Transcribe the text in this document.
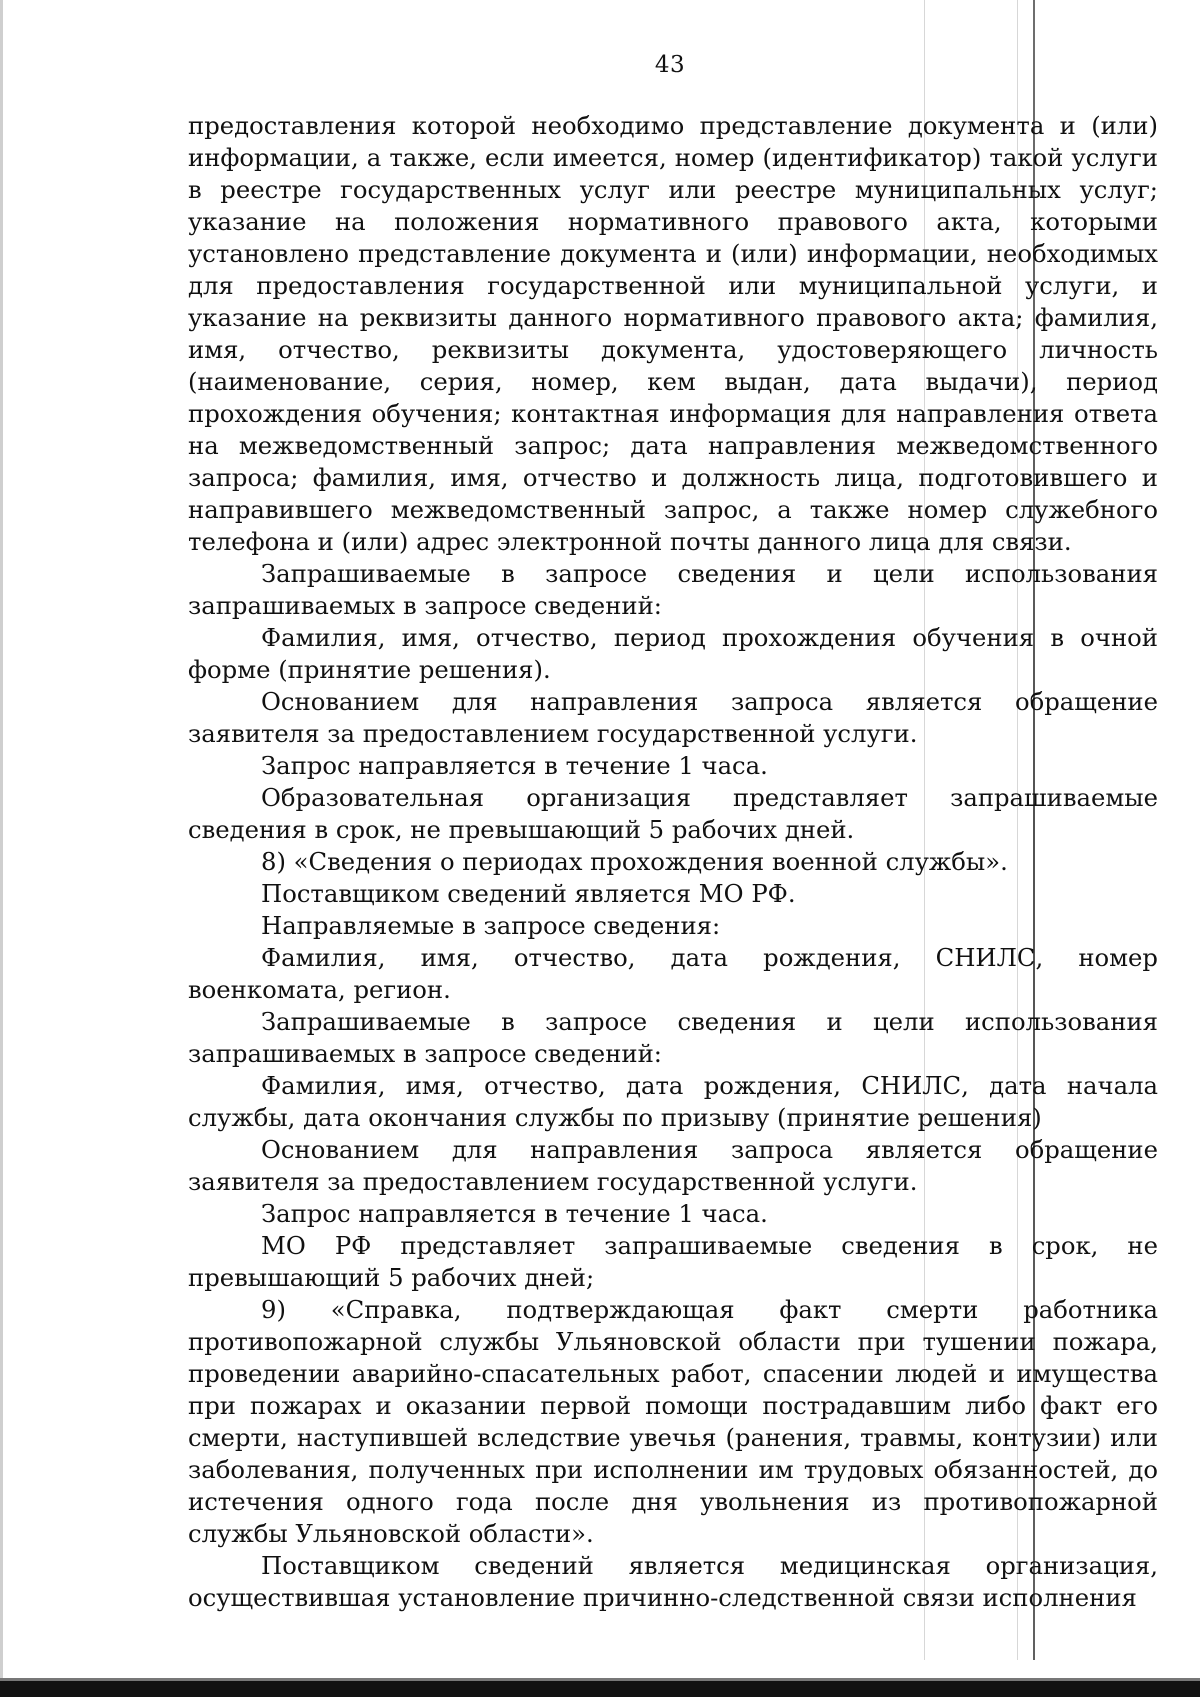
43

предоставления которой необходимо представление документа и (или) информации, а также, если имеется, номер (идентификатор) такой услуги в реестре государственных услуг или реестре муниципальных услуг; указание на положения нормативного правового акта, которыми установлено представление документа и (или) информации, необходимых для предоставления государственной или муниципальной услуги, и указание на реквизиты данного нормативного правового акта; фамилия, имя, отчество, реквизиты документа, удостоверяющего личность (наименование, серия, номер, кем выдан, дата выдачи), период прохождения обучения; контактная информация для направления ответа на межведомственный запрос; дата направления межведомственного запроса; фамилия, имя, отчество и должность лица, подготовившего и направившего межведомственный запрос, а также номер служебного телефона и (или) адрес электронной почты данного лица для связи.

Запрашиваемые в запросе сведения и цели использования запрашиваемых в запросе сведений:

Фамилия, имя, отчество, период прохождения обучения в очной форме (принятие решения).

Основанием для направления запроса является обращение заявителя за предоставлением государственной услуги.

Запрос направляется в течение 1 часа.

Образовательная организация представляет запрашиваемые сведения в срок, не превышающий 5 рабочих дней.

8) «Сведения о периодах прохождения военной службы».

Поставщиком сведений является МО РФ.

Направляемые в запросе сведения:

Фамилия, имя, отчество, дата рождения, СНИЛС, номер военкомата, регион.

Запрашиваемые в запросе сведения и цели использования запрашиваемых в запросе сведений:

Фамилия, имя, отчество, дата рождения, СНИЛС, дата начала службы, дата окончания службы по призыву (принятие решения)

Основанием для направления запроса является обращение заявителя за предоставлением государственной услуги.

Запрос направляется в течение 1 часа.

МО РФ представляет запрашиваемые сведения в срок, не превышающий 5 рабочих дней;

9) «Справка, подтверждающая факт смерти работника противопожарной службы Ульяновской области при тушении пожара, проведении аварийно-спасательных работ, спасении людей и имущества при пожарах и оказании первой помощи пострадавшим либо факт его смерти, наступившей вследствие увечья (ранения, травмы, контузии) или заболевания, полученных при исполнении им трудовых обязанностей, до истечения одного года после дня увольнения из противопожарной службы Ульяновской области».

Поставщиком сведений является медицинская организация, осуществившая установление причинно-следственной связи исполнения
